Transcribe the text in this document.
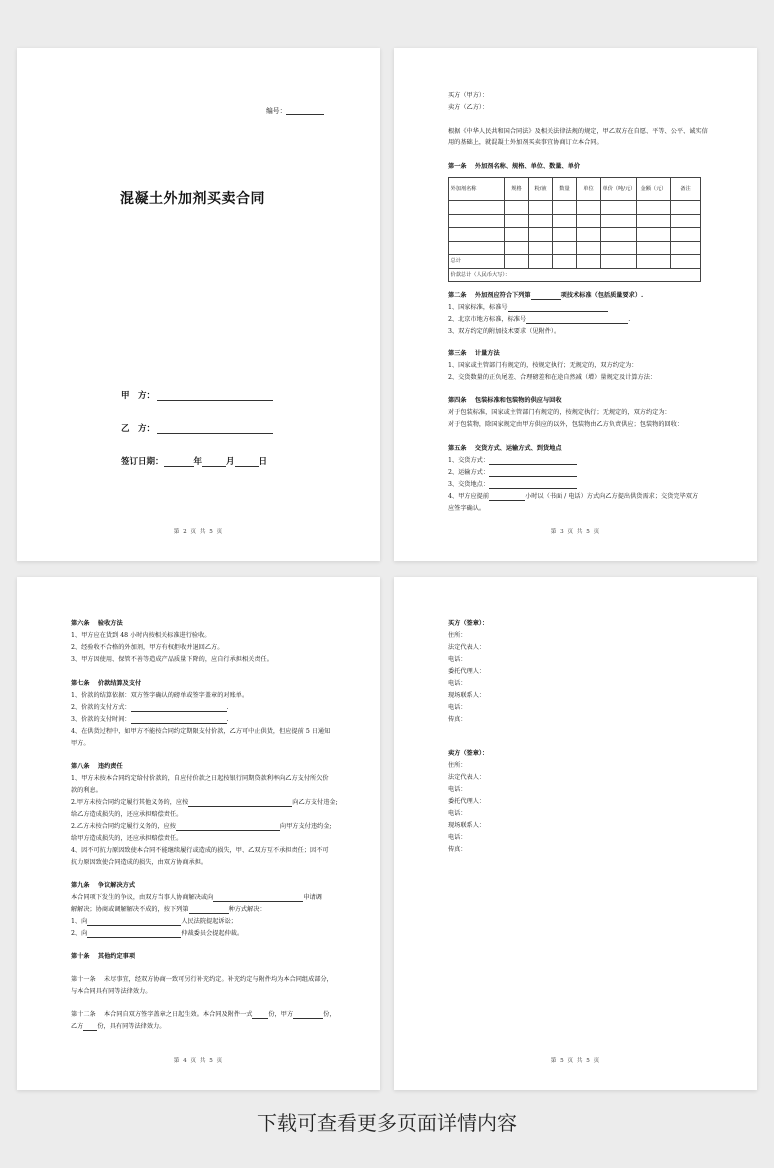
编号：
混凝土外加剂买卖合同
甲　方：
乙　方：
签订日期：	年	月	日
第 2 页 共 5 页
买方（甲方）：
卖方（乙方）：
根据《中华人民共和国合同法》及相关法律法规的规定，甲乙双方在自愿、平等、公平、诚实信
用的基础上，就混凝土外加剂买卖事宜协商订立本合同。
第一条　 外加剂名称、规格、单位、数量、单价
外加剂名称	规格	粉/液	数量	单位	单价（吨/元）	金额（元）	备注

总计							
价款总计（人民币大写）：							
第二条　 外加剂应符合下列第	项技术标准（包括质量要求）.
1、国家标准，标准号
2、北京市地方标准，标准号	.
3、双方约定的附加技术要求（见附件）。
第三条　 计量方法
1、国家或主管部门有规定的，按规定执行；无规定的，双方约定为：
2、交货数量的正负尾差、合理磅差和在途自然减（增）量规定及计算方法：
第四条　 包装标准和包装物的供应与回收
对于包装标准，国家或主管部门有规定的，按规定执行；无规定的，双方约定为：
对于包装物，除国家规定由甲方供应的以外，包装物由乙方负责供应；包装物的回收：
第五条　 交货方式、运输方式、到货地点
1、交货方式：
2、运输方式：
3、交货地点：
4、甲方应提前	小时以（书面 / 电话）方式向乙方提出供货需求；交货完毕双方
应签字确认。
第 3 页 共 5 页
第六条　 验收方法
1、甲方应在货到 48 小时内按相关标准进行验收。
2、经验收不合格的外加剂，甲方有权拒收并退回乙方。
3、甲方因使用、保管不善等造成产品质量下降的，应自行承担相关责任。
第七条　 价款结算及支付
1、价款的结算依据：双方签字确认的磅单或签字盖章的对账单。
2、价款的支付方式：	.
3、价款的支付时间：	.
4、在供货过程中，如甲方不能按合同约定期限支付价款，乙方可中止供货，但应提前 5 日通知
甲方。
第八条　 违约责任
1、甲方未按本合同约定给付价款的，自应付价款之日起按银行同期贷款利率向乙方支付所欠价
款的利息。
2.甲方未按合同约定履行其他义务的，应按	向乙方支付违金;
给乙方造成损失的，还应承担赔偿责任。
2.乙方未按合同约定履行义务的，应按	向甲方支付违约金;
给甲方造成损失的，还应承担赔偿责任。
4、因不可抗力原因致使本合同不能继续履行或造成的损失，甲、乙双方互不承担责任；因不可
抗力原因致使合同造成的损失，由双方协商承担。
第九条　 争议解决方式
本合同项下发生的争议，由双方当事人协商解决或向	申请调
解解决；协商或调解解决不成的，按下列第	种方式解决：
1、向	人民法院提起诉讼；
2、向	仲裁委员会提起仲裁。
第十条　 其他约定事项
第十一条　 未尽事宜，经双方协商一致可另行补充约定。补充约定与附件均为本合同组成部分，
与本合同具有同等法律效力。
第十二条　 本合同自双方签字盖章之日起生效。本合同及附件一式	份，甲方	份，
乙方 份，具有同等法律效力。
第 4 页 共 5 页
买方（签章）：
住所：
法定代表人：
电话：
委托代理人：
电话：
现场联系人：
电话：
传真：
卖方（签章）：
住所：
法定代表人：
电话：
委托代理人：
电话：
现场联系人：
电话：
传真：
第 5 页 共 5 页
下载可查看更多页面详情内容
